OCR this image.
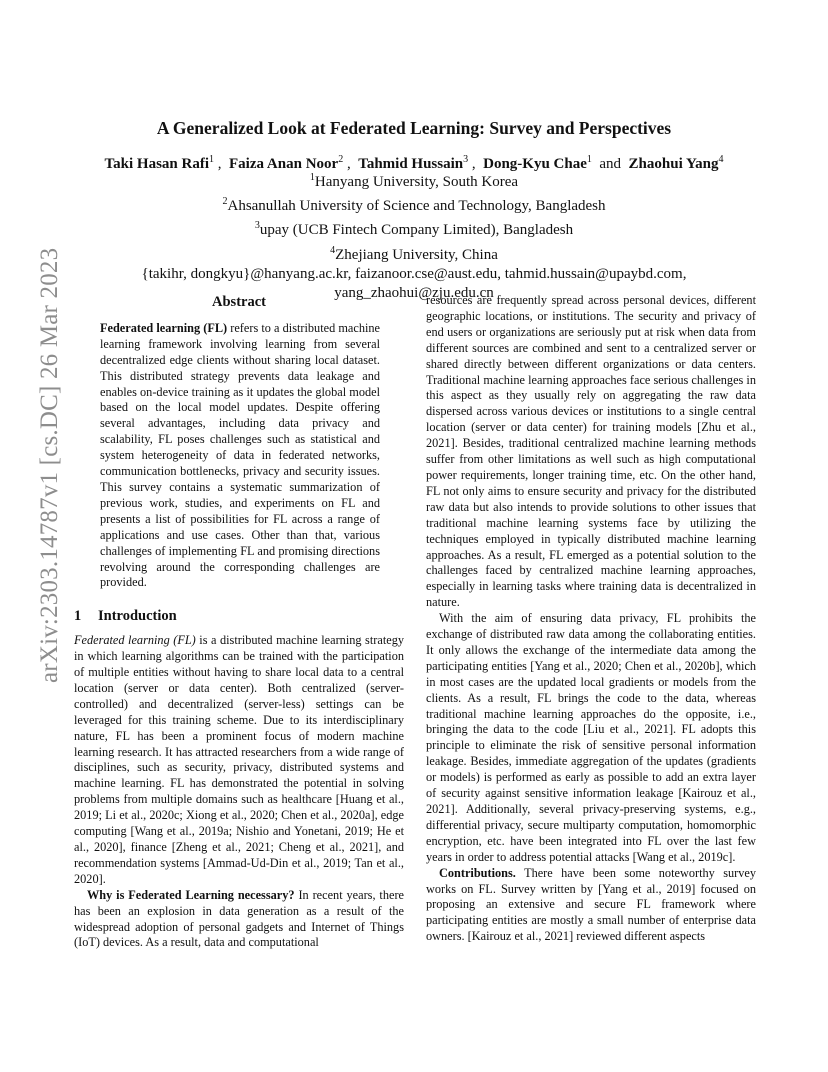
arXiv:2303.14787v1 [cs.DC] 26 Mar 2023
A Generalized Look at Federated Learning: Survey and Perspectives
Taki Hasan Rafi$^1$ ,  Faiza Anan Noor$^2$ ,  Tahmid Hussain$^3$ ,  Dong-Kyu Chae$^1$  and  Zhaohui Yang$^4$
$^1$Hanyang University, South Korea
$^2$Ahsanullah University of Science and Technology, Bangladesh
$^3$upay (UCB Fintech Company Limited), Bangladesh
$^4$Zhejiang University, China
{takihr, dongkyu}@hanyang.ac.kr, faizanoor.cse@aust.edu, tahmid.hussain@upaybd.com,
yang_zhaohui@zju.edu.cn

Abstract

Federated learning (FL) refers to a distributed machine learning framework involving learning from several decentralized edge clients without sharing local dataset. This distributed strategy prevents data leakage and enables on-device training as it updates the global model based on the local model updates. Despite offering several advantages, including data privacy and scalability, FL poses challenges such as statistical and system heterogeneity of data in federated networks, communication bottlenecks, privacy and security issues. This survey contains a systematic summarization of previous work, studies, and experiments on FL and presents a list of possibilities for FL across a range of applications and use cases. Other than that, various challenges of implementing FL and promising directions revolving around the corresponding challenges are provided.

1 Introduction

Federated learning (FL) is a distributed machine learning strategy in which learning algorithms can be trained with the participation of multiple entities without having to share local data to a central location (server or data center). Both centralized (server-controlled) and decentralized (server-less) settings can be leveraged for this training scheme. Due to its interdisciplinary nature, FL has been a prominent focus of modern machine learning research. It has attracted researchers from a wide range of disciplines, such as security, privacy, distributed systems and machine learning. FL has demonstrated the potential in solving problems from multiple domains such as healthcare [Huang et al., 2019; Li et al., 2020c; Xiong et al., 2020; Chen et al., 2020a], edge computing [Wang et al., 2019a; Nishio and Yonetani, 2019; He et al., 2020], finance [Zheng et al., 2021; Cheng et al., 2021], and recommendation systems [Ammad-Ud-Din et al., 2019; Tan et al., 2020].

Why is Federated Learning necessary? In recent years, there has been an explosion in data generation as a result of the widespread adoption of personal gadgets and Internet of Things (IoT) devices. As a result, data and computational

resources are frequently spread across personal devices, different geographic locations, or institutions. The security and privacy of end users or organizations are seriously put at risk when data from different sources are combined and sent to a centralized server or shared directly between different organizations or data centers. Traditional machine learning approaches face serious challenges in this aspect as they usually rely on aggregating the raw data dispersed across various devices or institutions to a single central location (server or data center) for training models [Zhu et al., 2021]. Besides, traditional centralized machine learning methods suffer from other limitations as well such as high computational power requirements, longer training time, etc. On the other hand, FL not only aims to ensure security and privacy for the distributed raw data but also intends to provide solutions to other issues that traditional machine learning systems face by utilizing the techniques employed in typically distributed machine learning approaches. As a result, FL emerged as a potential solution to the challenges faced by centralized machine learning approaches, especially in learning tasks where training data is decentralized in nature.

With the aim of ensuring data privacy, FL prohibits the exchange of distributed raw data among the collaborating entities. It only allows the exchange of the intermediate data among the participating entities [Yang et al., 2020; Chen et al., 2020b], which in most cases are the updated local gradients or models from the clients. As a result, FL brings the code to the data, whereas traditional machine learning approaches do the opposite, i.e., bringing the data to the code [Liu et al., 2021]. FL adopts this principle to eliminate the risk of sensitive personal information leakage. Besides, immediate aggregation of the updates (gradients or models) is performed as early as possible to add an extra layer of security against sensitive information leakage [Kairouz et al., 2021]. Additionally, several privacy-preserving systems, e.g., differential privacy, secure multiparty computation, homomorphic encryption, etc. have been integrated into FL over the last few years in order to address potential attacks [Wang et al., 2019c].

Contributions. There have been some noteworthy survey works on FL. Survey written by [Yang et al., 2019] focused on proposing an extensive and secure FL framework where participating entities are mostly a small number of enterprise data owners. [Kairouz et al., 2021] reviewed different aspects
